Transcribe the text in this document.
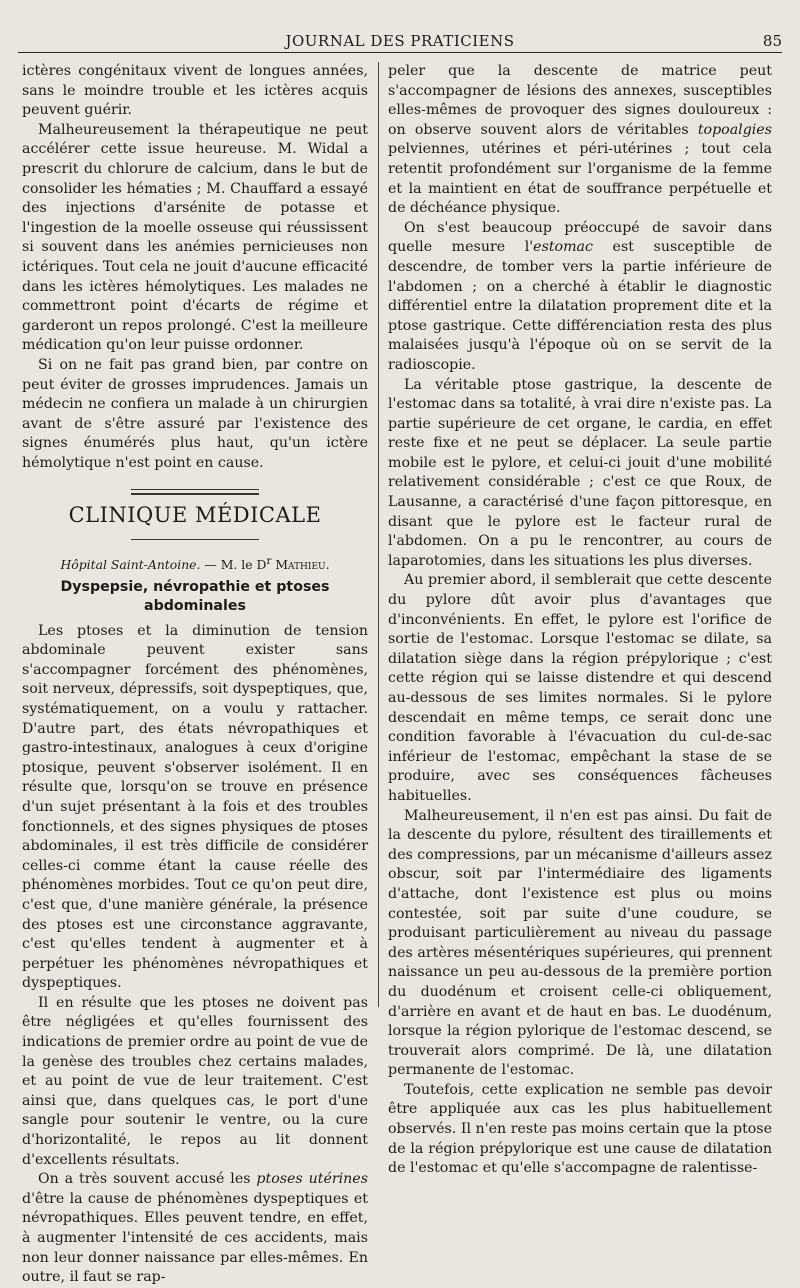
JOURNAL DES PRATICIENS	85

ictères congénitaux vivent de longues années, sans le moindre trouble et les ictères acquis peuvent guérir.

Malheureusement la thérapeutique ne peut accélérer cette issue heureuse. M. Widal a prescrit du chlorure de calcium, dans le but de consolider les hématies ; M. Chauffard a essayé des injections d'arsénite de potasse et l'ingestion de la moelle osseuse qui réussissent si souvent dans les anémies pernicieuses non ictériques. Tout cela ne jouit d'aucune efficacité dans les ictères hémolytiques. Les malades ne commettront point d'écarts de régime et garderont un repos prolongé. C'est la meilleure médication qu'on leur puisse ordonner.

Si on ne fait pas grand bien, par contre on peut éviter de grosses imprudences. Jamais un médecin ne confiera un malade à un chirurgien avant de s'être assuré par l'existence des signes énumérés plus haut, qu'un ictère hémolytique n'est point en cause.

CLINIQUE MÉDICALE
Hôpital Saint-Antoine. — M. le $D^r$ Mathieu.
Dyspepsie, névropathie et ptoses abdominales

Les ptoses et la diminution de tension abdominale peuvent exister sans s'accompagner forcément des phénomènes, soit nerveux, dépressifs, soit dyspeptiques, que, systématiquement, on a voulu y rattacher. D'autre part, des états névropathiques et gastro-intestinaux, analogues à ceux d'origine ptosique, peuvent s'observer isolément. Il en résulte que, lorsqu'on se trouve en présence d'un sujet présentant à la fois et des troubles fonctionnels, et des signes physiques de ptoses abdominales, il est très difficile de considérer celles-ci comme étant la cause réelle des phénomènes morbides. Tout ce qu'on peut dire, c'est que, d'une manière générale, la présence des ptoses est une circonstance aggravante, c'est qu'elles tendent à augmenter et à perpétuer les phénomènes névropathiques et dyspeptiques.

Il en résulte que les ptoses ne doivent pas être négligées et qu'elles fournissent des indications de premier ordre au point de vue de la genèse des troubles chez certains malades, et au point de vue de leur traitement. C'est ainsi que, dans quelques cas, le port d'une sangle pour soutenir le ventre, ou la cure d'horizontalité, le repos au lit donnent d'excellents résultats.

On a très souvent accusé les ptoses utérines d'être la cause de phénomènes dyspeptiques et névropathiques. Elles peuvent tendre, en effet, à augmenter l'intensité de ces accidents, mais non leur donner naissance par elles-mêmes. En outre, il faut se rap-

peler que la descente de matrice peut s'accompagner de lésions des annexes, susceptibles elles-mêmes de provoquer des signes douloureux : on observe souvent alors de véritables topoalgies pelviennes, utérines et péri-utérines ; tout cela retentit profondément sur l'organisme de la femme et la maintient en état de souffrance perpétuelle et de déchéance physique.

On s'est beaucoup préoccupé de savoir dans quelle mesure l'estomac est susceptible de descendre, de tomber vers la partie inférieure de l'abdomen ; on a cherché à établir le diagnostic différentiel entre la dilatation proprement dite et la ptose gastrique. Cette différenciation resta des plus malaisées jusqu'à l'époque où on se servit de la radioscopie.

La véritable ptose gastrique, la descente de l'estomac dans sa totalité, à vrai dire n'existe pas. La partie supérieure de cet organe, le cardia, en effet reste fixe et ne peut se déplacer. La seule partie mobile est le pylore, et celui-ci jouit d'une mobilité relativement considérable ; c'est ce que Roux, de Lausanne, a caractérisé d'une façon pittoresque, en disant que le pylore est le facteur rural de l'abdomen. On a pu le rencontrer, au cours de laparotomies, dans les situations les plus diverses.

Au premier abord, il semblerait que cette descente du pylore dût avoir plus d'avantages que d'inconvénients. En effet, le pylore est l'orifice de sortie de l'estomac. Lorsque l'estomac se dilate, sa dilatation siège dans la région prépylorique ; c'est cette région qui se laisse distendre et qui descend au-dessous de ses limites normales. Si le pylore descendait en même temps, ce serait donc une condition favorable à l'évacuation du cul-de-sac inférieur de l'estomac, empêchant la stase de se produire, avec ses conséquences fâcheuses habituelles.

Malheureusement, il n'en est pas ainsi. Du fait de la descente du pylore, résultent des tiraillements et des compressions, par un mécanisme d'ailleurs assez obscur, soit par l'intermédiaire des ligaments d'attache, dont l'existence est plus ou moins contestée, soit par suite d'une coudure, se produisant particulièrement au niveau du passage des artères mésentériques supérieures, qui prennent naissance un peu au-dessous de la première portion du duodénum et croisent celle-ci obliquement, d'arrière en avant et de haut en bas. Le duodénum, lorsque la région pylorique de l'estomac descend, se trouverait alors comprimé. De là, une dilatation permanente de l'estomac.

Toutefois, cette explication ne semble pas devoir être appliquée aux cas les plus habituellement observés. Il n'en reste pas moins certain que la ptose de la région prépylorique est une cause de dilatation de l'estomac et qu'elle s'accompagne de ralentisse-
